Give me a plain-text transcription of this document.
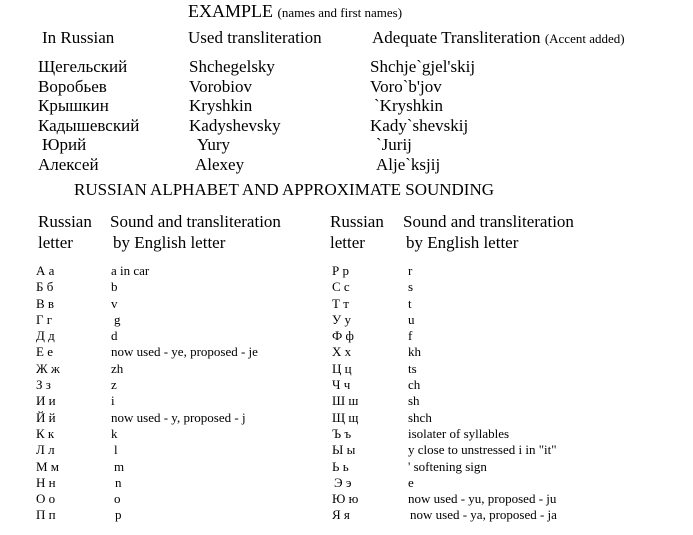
EXAMPLE (names and first names)
In Russian	Used transliteration	Adequate Transliteration (Accent added)
Щегельский
Воробьев
Крышкин
Кадышевский
Юрий
Алексей
Shchegelsky
Vorobiov
Kryshkin
Kadyshevsky
Yury
Alexey
Shchje`gjel'skij
Voro`b'jov
`Kryshkin
Kady`shevskij
`Jurij
Alje`ksjij
RUSSIAN ALPHABET AND APPROXIMATE SOUNDING
Russian
letter
Sound and transliteration
by English letter
Russian
letter
Sound and transliteration
by English letter
А а
Б б
В в
Г г
Д д
Е е
Ж ж
З з
И и
Й й
К к
Л л
М м
Н н
О о
П п
a in car
b
v
g
d
now used - ye, proposed - je
zh
z
i
now used - y, proposed - j
k
l
m
n
o
p
Р р
С с
Т т
У у
Ф ф
Х х
Ц ц
Ч ч
Ш ш
Щ щ
Ъ ъ
Ы ы
Ь ь
Э э
Ю ю
Я я
r
s
t
u
f
kh
ts
ch
sh
shch
isolater of syllables
y close to unstressed i in "it"
' softening sign
e
now used - yu, proposed - ju
now used - ya, proposed - ja
